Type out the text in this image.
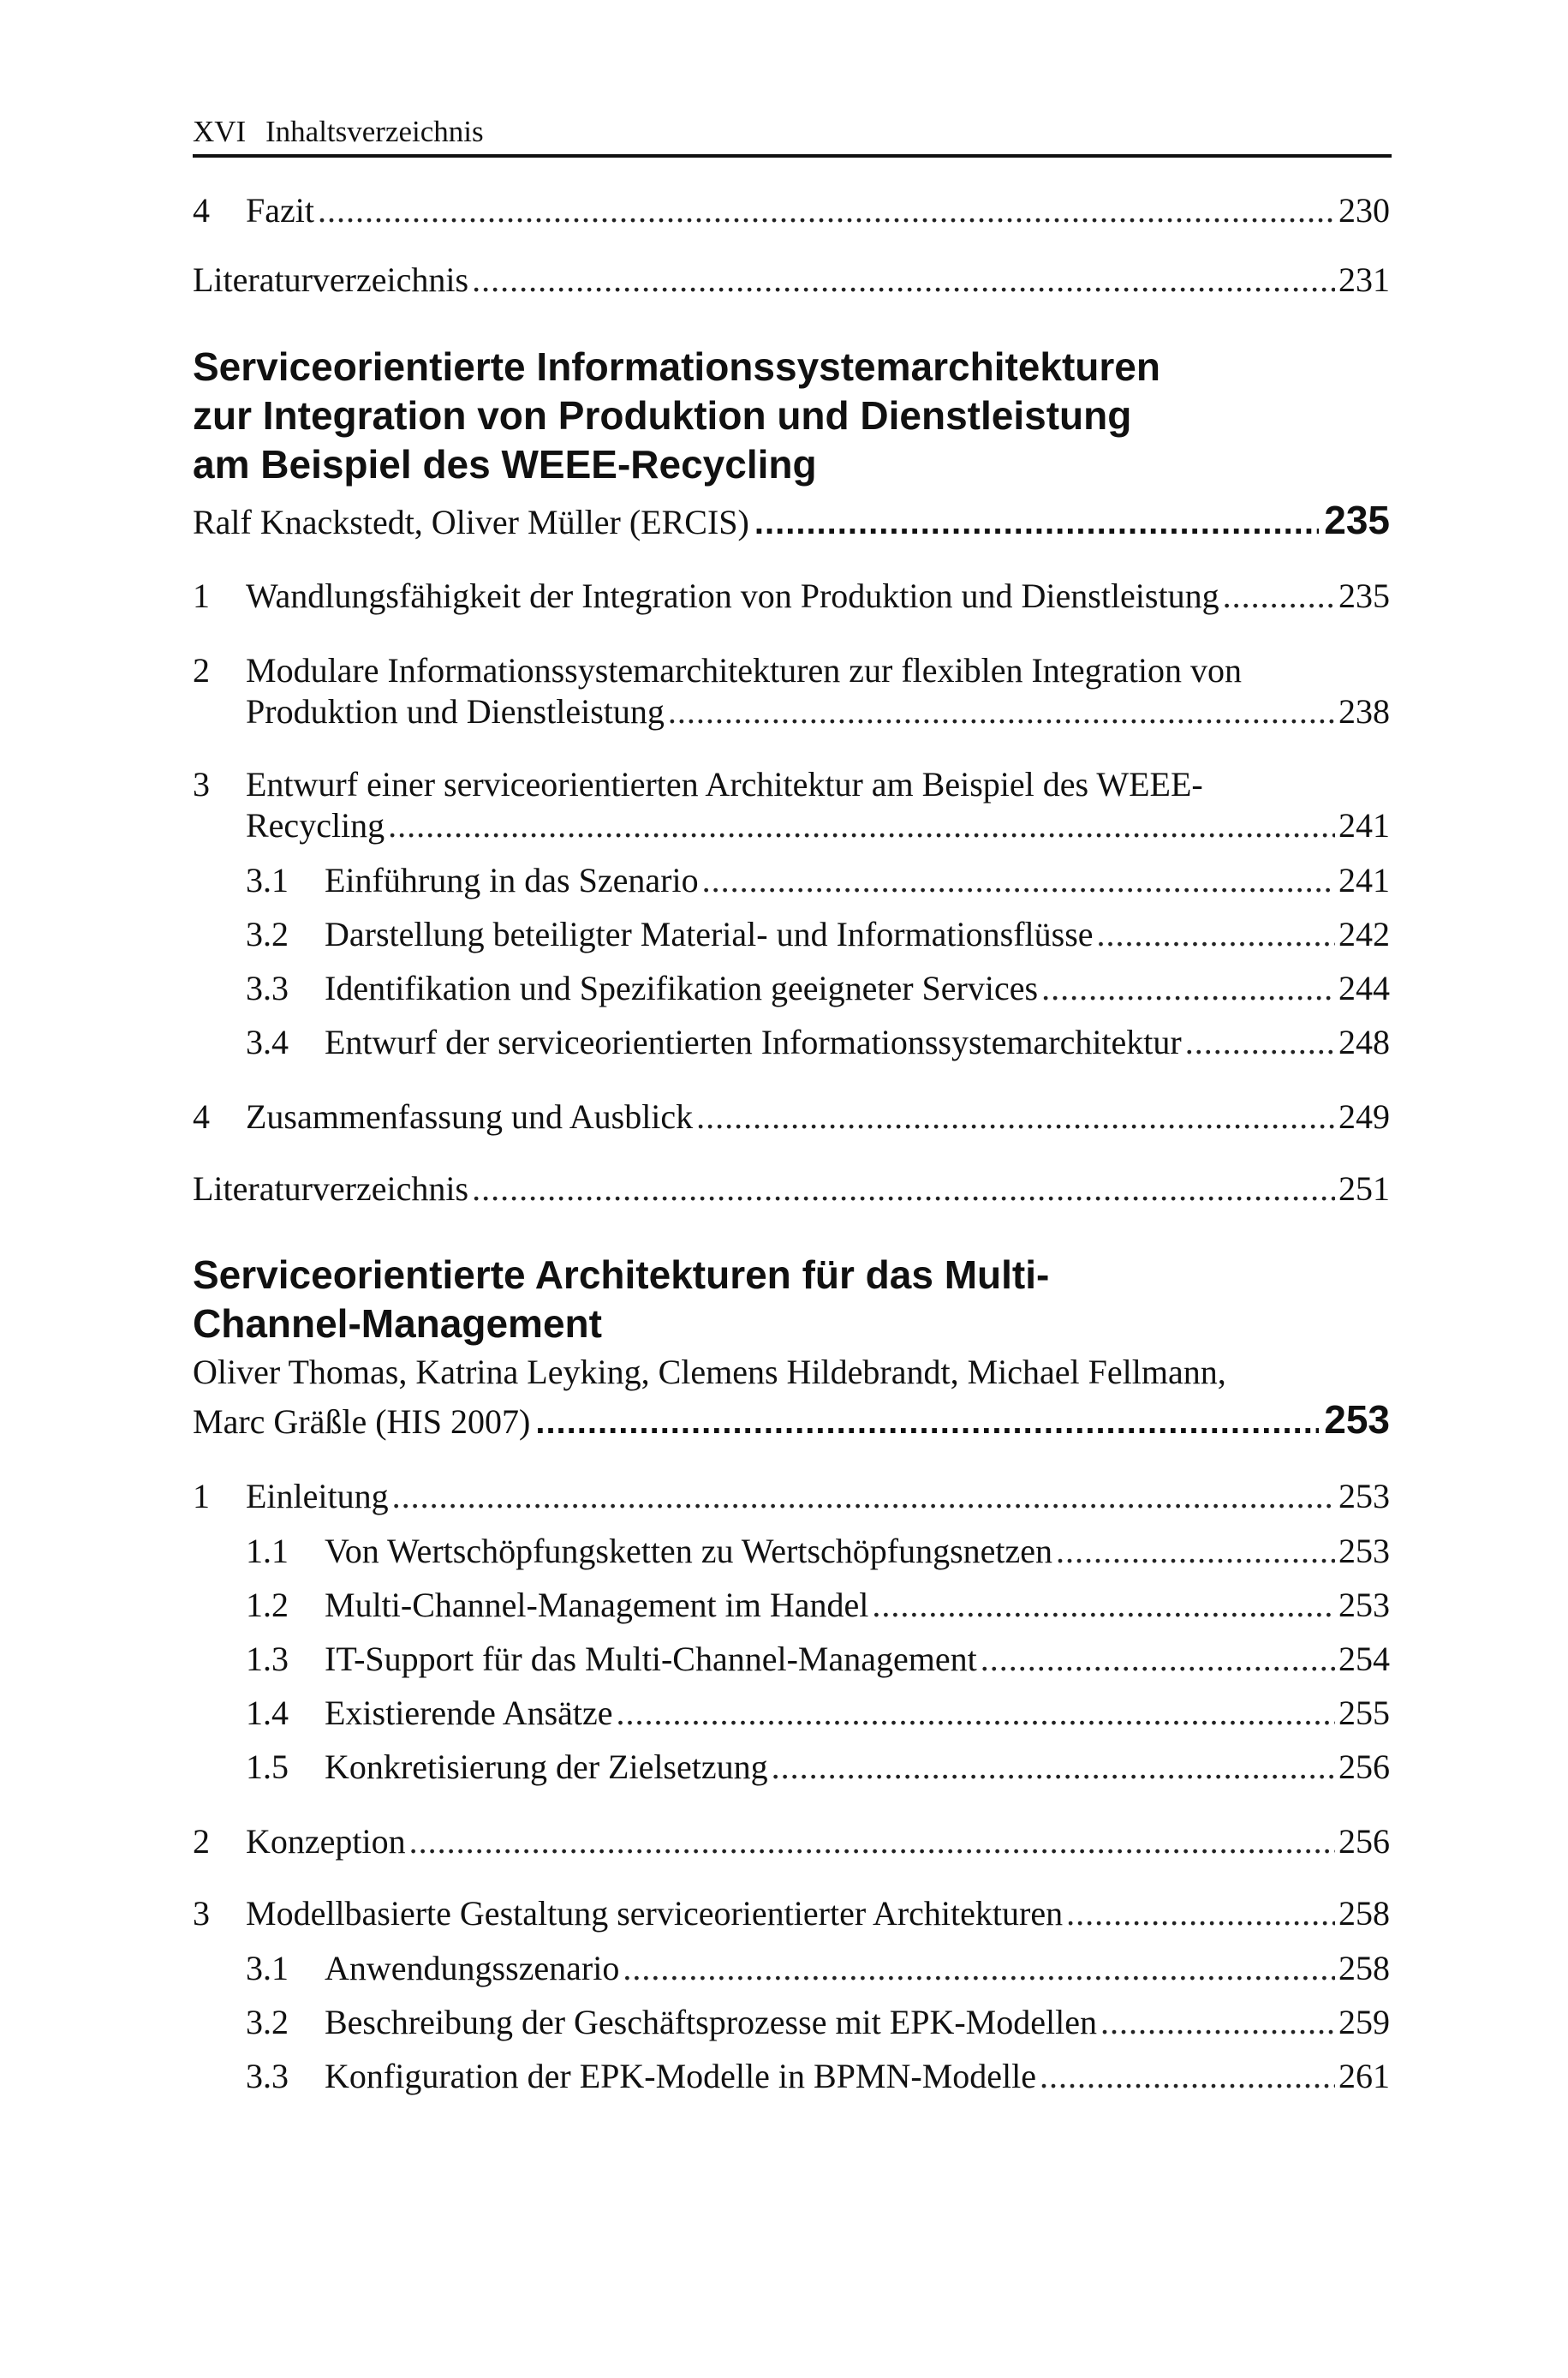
XVI Inhaltsverzeichnis
4	Fazit .....	230
Literaturverzeichnis .....	231
Serviceorientierte Informationssystemarchitekturen
zur Integration von Produktion und Dienstleistung
am Beispiel des WEEE-Recycling
Ralf Knackstedt, Oliver Müller (ERCIS) .....	235
1	Wandlungsfähigkeit der Integration von Produktion und Dienstleistung .....	235
2	Modulare Informationssystemarchitekturen zur flexiblen Integration von
Produktion und Dienstleistung .....	238
3	Entwurf einer serviceorientierten Architektur am Beispiel des WEEE-
Recycling .....	241
3.1	Einführung in das Szenario .....	241
3.2	Darstellung beteiligter Material- und Informationsflüsse .....	242
3.3	Identifikation und Spezifikation geeigneter Services .....	244
3.4	Entwurf der serviceorientierten Informationssystemarchitektur .....	248
4	Zusammenfassung und Ausblick .....	249
Literaturverzeichnis .....	251
Serviceorientierte Architekturen für das Multi-
Channel-Management
Oliver Thomas, Katrina Leyking, Clemens Hildebrandt, Michael Fellmann,
Marc Gräßle (HIS 2007) .....	253
1	Einleitung .....	253
1.1	Von Wertschöpfungsketten zu Wertschöpfungsnetzen .....	253
1.2	Multi-Channel-Management im Handel .....	253
1.3	IT-Support für das Multi-Channel-Management .....	254
1.4	Existierende Ansätze .....	255
1.5	Konkretisierung der Zielsetzung .....	256
2	Konzeption .....	256
3	Modellbasierte Gestaltung serviceorientierter Architekturen .....	258
3.1	Anwendungsszenario .....	258
3.2	Beschreibung der Geschäftsprozesse mit EPK-Modellen .....	259
3.3	Konfiguration der EPK-Modelle in BPMN-Modelle .....	261
